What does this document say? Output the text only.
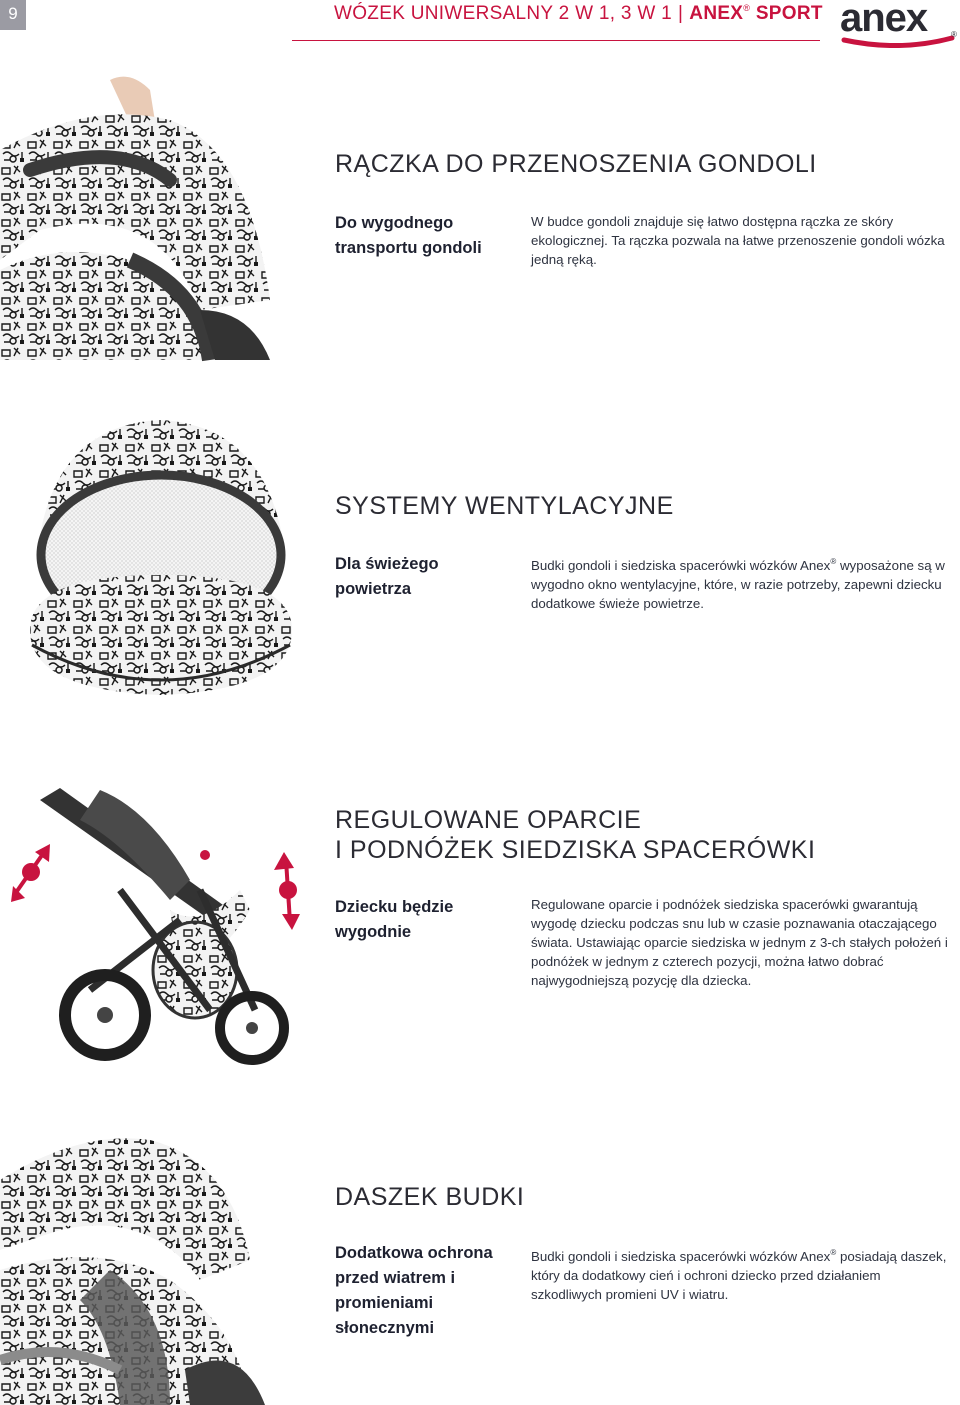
9	WÓZEK UNIWERSALNY 2 W 1, 3 W 1 | ANEX® SPORT anex	®
RĄCZKA DO PRZENOSZENIA GONDOLI
Do wygodnego transportu gondoli
W budce gondoli znajduje się łatwo dostępna rączka ze skóry ekologicznej. Ta rączka pozwala na łatwe przenoszenie gondoli wózka jedną ręką.
SYSTEMY WENTYLACYJNE
Dla świeżego powietrza
Budki gondoli i siedziska spacerówki wózków Anex® wyposażone są w wygodno okno wentylacyjne, które, w razie potrzeby, zapewni dziecku dodatkowe świeże powietrze.
REGULOWANE OPARCIE
I PODNÓŻEK SIEDZISKA SPACERÓWKI
Dziecku będzie wygodnie
Regulowane oparcie i podnóżek siedziska spacerówki gwarantują wygodę dziecku podczas snu lub w czasie poznawania otaczającego świata. Ustawiając oparcie siedziska w jednym z 3-ch stałych położeń i podnóżek w jednym z czterech pozycji, można łatwo dobrać najwygodniejszą pozycję dla dziecka.
DASZEK BUDKI
Dodatkowa ochrona przed wiatrem i promieniami słonecznymi
Budki gondoli i siedziska spacerówki wózków Anex® posiadają daszek, który da dodatkowy cień i ochroni dziecko przed działaniem szkodliwych promieni UV i wiatru.
